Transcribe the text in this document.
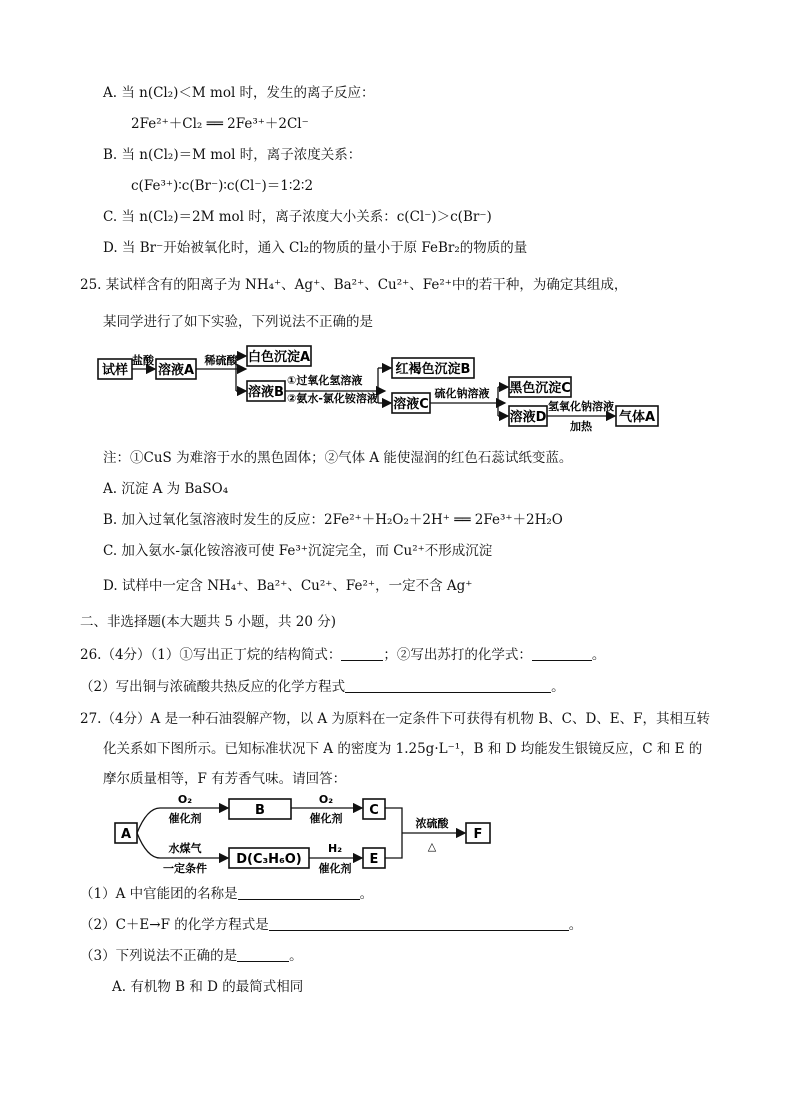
A. 当 n(Cl₂)＜M mol 时，发生的离子反应：
2Fe²⁺＋Cl₂ ══ 2Fe³⁺＋2Cl⁻
B. 当 n(Cl₂)＝M mol 时，离子浓度关系：
c(Fe³⁺)∶c(Br⁻)∶c(Cl⁻)＝1∶2∶2
C. 当 n(Cl₂)＝2M mol 时，离子浓度大小关系：c(Cl⁻)＞c(Br⁻)
D. 当 Br⁻开始被氧化时，通入 Cl₂的物质的量小于原 FeBr₂的物质的量
25. 某试样含有的阳离子为 NH₄⁺、Ag⁺、Ba²⁺、Cu²⁺、Fe²⁺中的若干种，为确定其组成，
某同学进行了如下实验，下列说法不正确的是
试样
盐酸
溶液A
稀硫酸 白色沉淀A
溶液B
①过氧化氢溶液
②氨水-氯化铵溶液
红褐色沉淀B
溶液C
硫化钠溶液 黑色沉淀C
溶液D
氢氧化钠溶液
加热
气体A
注：①CuS 为难溶于水的黑色固体；②气体 A 能使湿润的红色石蕊试纸变蓝。
A. 沉淀 A 为 BaSO₄
B. 加入过氧化氢溶液时发生的反应：2Fe²⁺＋H₂O₂＋2H⁺ ══ 2Fe³⁺＋2H₂O
C. 加入氨水-氯化铵溶液可使 Fe³⁺沉淀完全，而 Cu²⁺不形成沉淀
D. 试样中一定含 NH₄⁺、Ba²⁺、Cu²⁺、Fe²⁺，一定不含 Ag⁺
二、非选择题(本大题共 5 小题，共 20 分)
26.（4分）（1）①写出正丁烷的结构简式：	；②写出苏打的化学式：	。
（2）写出铜与浓硫酸共热反应的化学方程式	。
27.（4分）A 是一种石油裂解产物，以 A 为原料在一定条件下可获得有机物 B、C、D、E、F，其相互转
化关系如下图所示。已知标准状况下 A 的密度为 1.25g·L⁻¹，B 和 D 均能发生银镜反应，C 和 E 的
摩尔质量相等，F 有芳香气味。请回答：
A
O₂
催化剂
B
O₂
催化剂
C
水煤气
一定条件
D(C₃H₆O)
H₂
催化剂
E
浓硫酸
△
F
（1）A 中官能团的名称是	。
（2）C＋E→F 的化学方程式是	。
（3）下列说法不正确的是	。
A. 有机物 B 和 D 的最简式相同
